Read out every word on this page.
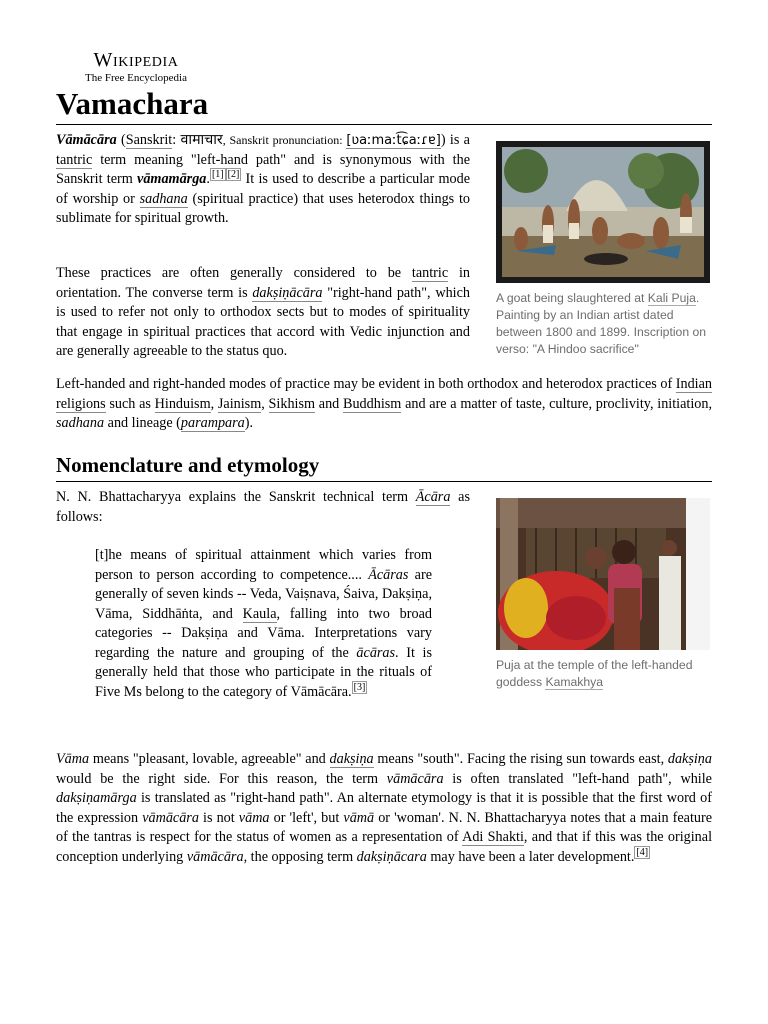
Wikipedia
The Free Encyclopedia
Vamachara

Vāmācāra (Sanskrit: वामाचार, Sanskrit pronunciation: [ʋaːmaːt͡ɕaːɾɐ]) is a tantric term meaning "left-hand path" and is synonymous with the Sanskrit term vāmamārga. [1] [2] It is used to describe a particular mode of worship or sadhana (spiritual practice) that uses heterodox things to sublimate for spiritual growth.

These practices are often generally considered to be tantric in orientation. The converse term is dakṣiṇācāra "right-hand path", which is used to refer not only to orthodox sects but to modes of spirituality that engage in spiritual practices that accord with Vedic injunction and are generally agreeable to the status quo.

A goat being slaughtered at Kali Puja. Painting by an Indian artist dated between 1800 and 1899. Inscription on verso: "A Hindoo sacrifice"

Left-handed and right-handed modes of practice may be evident in both orthodox and heterodox practices of Indian religions such as Hinduism, Jainism, Sikhism and Buddhism and are a matter of taste, culture, proclivity, initiation, sadhana and lineage (parampara).

Nomenclature and etymology

N. N. Bhattacharyya explains the Sanskrit technical term Ācāra as follows:

Puja at the temple of the left-handed goddess Kamakhya

[t]he means of spiritual attainment which varies from person to person according to competence.... Ācāras are generally of seven kinds -- Veda, Vaiṣnava, Śaiva, Dakṣiṇa, Vāma, Siddhāṅta, and Kaula, falling into two broad categories -- Dakṣiṇa and Vāma. Interpretations vary regarding the nature and grouping of the ācāras. It is generally held that those who participate in the rituals of Five Ms belong to the category of Vāmācāra. [3]

Vāma means "pleasant, lovable, agreeable" and dakṣiṇa means "south". Facing the rising sun towards east, dakṣiṇa would be the right side. For this reason, the term vāmācāra is often translated "left-hand path", while dakṣiṇamārga is translated as "right-hand path". An alternate etymology is that it is possible that the first word of the expression vāmācāra is not vāma or 'left', but vāmā or 'woman'. N. N. Bhattacharyya notes that a main feature of the tantras is respect for the status of women as a representation of Adi Shakti, and that if this was the original conception underlying vāmācāra, the opposing term dakṣiṇācara may have been a later development. [4]
